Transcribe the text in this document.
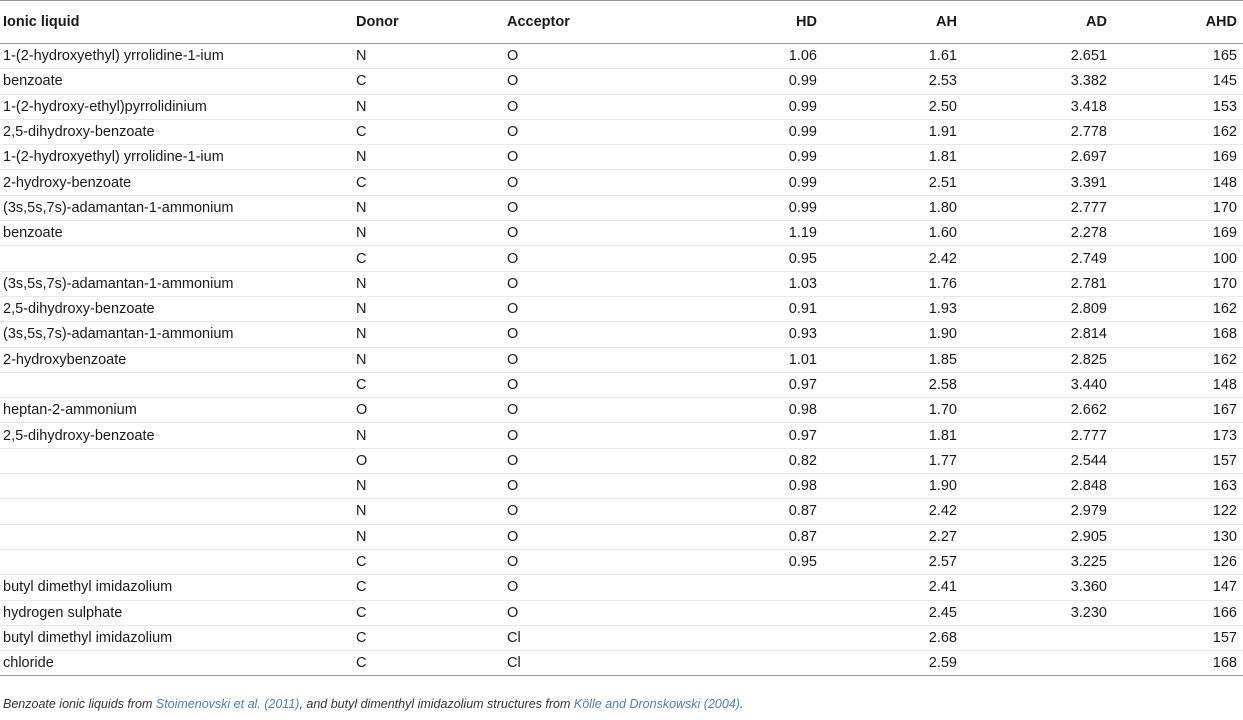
Ionic liquid	Donor	Acceptor	HD	AH	AD	AHD
1-(2-hydroxyethyl) yrrolidine-1-ium	N	O	1.06	1.61	2.651	165
benzoate	C	O	0.99	2.53	3.382	145
1-(2-hydroxy-ethyl)pyrrolidinium	N	O	0.99	2.50	3.418	153
2,5-dihydroxy-benzoate	C	O	0.99	1.91	2.778	162
1-(2-hydroxyethyl) yrrolidine-1-ium	N	O	0.99	1.81	2.697	169
2-hydroxy-benzoate	C	O	0.99	2.51	3.391	148
(3s,5s,7s)-adamantan-1-ammonium	N	O	0.99	1.80	2.777	170
benzoate	N	O	1.19	1.60	2.278	169
	C	O	0.95	2.42	2.749	100
(3s,5s,7s)-adamantan-1-ammonium	N	O	1.03	1.76	2.781	170
2,5-dihydroxy-benzoate	N	O	0.91	1.93	2.809	162
(3s,5s,7s)-adamantan-1-ammonium	N	O	0.93	1.90	2.814	168
2-hydroxybenzoate	N	O	1.01	1.85	2.825	162
	C	O	0.97	2.58	3.440	148
heptan-2-ammonium	O	O	0.98	1.70	2.662	167
2,5-dihydroxy-benzoate	N	O	0.97	1.81	2.777	173
	O	O	0.82	1.77	2.544	157
	N	O	0.98	1.90	2.848	163
	N	O	0.87	2.42	2.979	122
	N	O	0.87	2.27	2.905	130
	C	O	0.95	2.57	3.225	126
butyl dimethyl imidazolium	C	O		2.41	3.360	147
hydrogen sulphate	C	O		2.45	3.230	166
butyl dimethyl imidazolium	C	Cl		2.68		157
chloride	C	Cl		2.59		168
Benzoate ionic liquids from Stoimenovski et al. (2011), and butyl dimenthyl imidazolium structures from Kölle and Dronskowski (2004).
